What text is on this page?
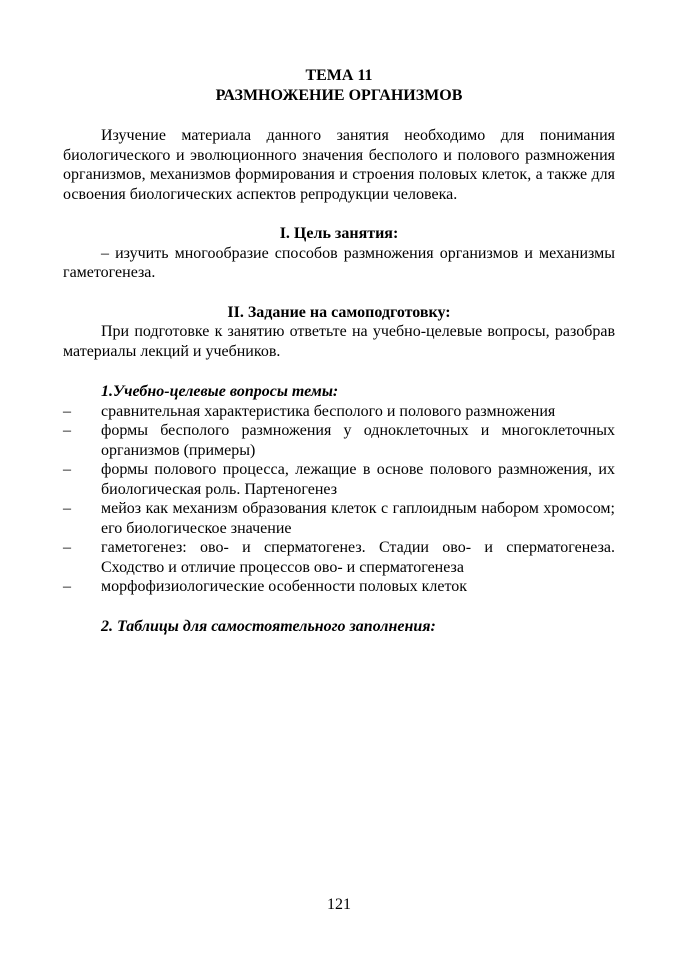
ТЕМА 11

РАЗМНОЖЕНИЕ ОРГАНИЗМОВ

Изучение материала данного занятия необходимо для понимания биологического и эволюционного значения бесполого и полового размножения организмов, механизмов формирования и строения половых клеток, а также для освоения биологических аспектов репродукции человека.

I. Цель занятия:

– изучить многообразие способов размножения организмов и механизмы гаметогенеза.

II. Задание на самоподготовку:

При подготовке к занятию ответьте на учебно-целевые вопросы, разобрав материалы лекций и учебников.

1.Учебно-целевые вопросы темы:

– сравнительная характеристика бесполого и полового размножения
– формы бесполого размножения у одноклеточных и многоклеточных организмов (примеры)
– формы полового процесса, лежащие в основе полового размножения, их биологическая роль. Партеногенез
– мейоз как механизм образования клеток с гаплоидным набором хромосом; его биологическое значение
– гаметогенез: ово- и сперматогенез. Стадии ово- и сперматогенеза. Сходство и отличие процессов ово- и сперматогенеза
– морфофизиологические особенности половых клеток

2. Таблицы для самостоятельного заполнения:

121
